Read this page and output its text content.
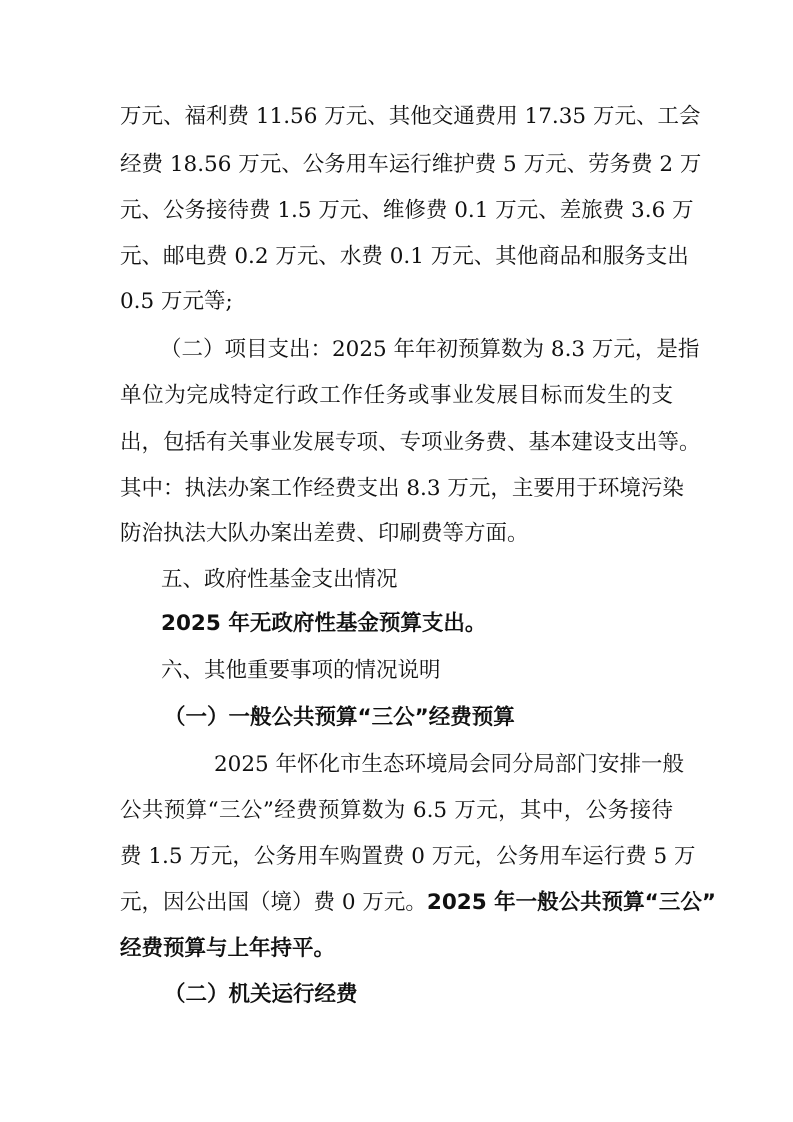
万元、福利费 11.56 万元、其他交通费用 17.35 万元、工会
经费 18.56 万元、公务用车运行维护费 5 万元、劳务费 2 万
元、公务接待费 1.5 万元、维修费 0.1 万元、差旅费 3.6 万
元、邮电费 0.2 万元、水费 0.1 万元、其他商品和服务支出
0.5 万元等;
（二）项目支出：2025 年年初预算数为 8.3 万元，是指
单位为完成特定行政工作任务或事业发展目标而发生的支
出，包括有关事业发展专项、专项业务费、基本建设支出等。
其中：执法办案工作经费支出 8.3 万元，主要用于环境污染
防治执法大队办案出差费、印刷费等方面。
五、政府性基金支出情况
2025 年无政府性基金预算支出。
六、其他重要事项的情况说明
（一）一般公共预算“三公”经费预算
2025 年怀化市生态环境局会同分局部门安排一般
公共预算“三公”经费预算数为 6.5 万元，其中，公务接待
费 1.5 万元，公务用车购置费 0 万元，公务用车运行费 5 万
元，因公出国（境）费 0 万元。2025 年一般公共预算“三公”
经费预算与上年持平。
（二）机关运行经费
